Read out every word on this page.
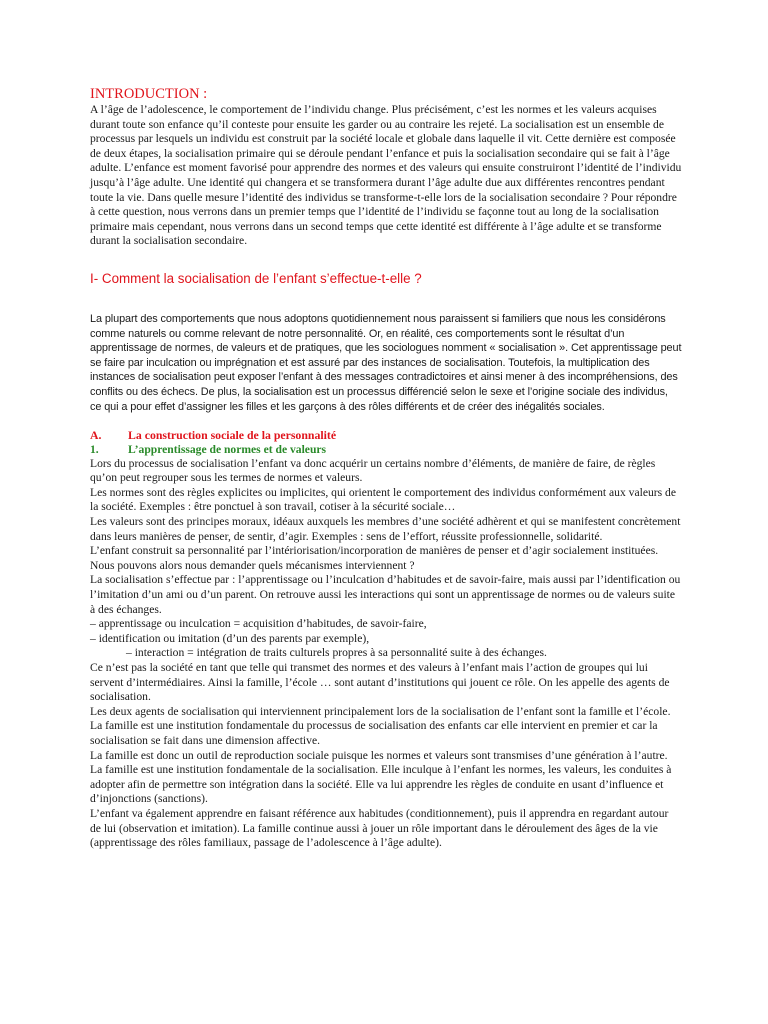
INTRODUCTION :

A l’âge de l’adolescence, le comportement de l’individu change. Plus précisément, c’est les normes et les valeurs acquises durant toute son enfance qu’il conteste pour ensuite les garder ou au contraire les rejeté. La socialisation est un ensemble de processus par lesquels un individu est construit par la société locale et globale dans laquelle il vit. Cette dernière est composée de deux étapes, la socialisation primaire qui se déroule pendant l’enfance et puis la socialisation secondaire qui se fait à l’âge adulte. L’enfance est moment favorisé pour apprendre des normes et des valeurs qui ensuite construiront l’identité de l’individu jusqu’à l’âge adulte. Une identité qui changera et se transformera durant l’âge adulte due aux différentes rencontres pendant toute la vie. Dans quelle mesure l’identité des individus se transforme-t-elle lors de la socialisation secondaire ? Pour répondre à cette question, nous verrons dans un premier temps que l’identité de l’individu se façonne tout au long de la socialisation primaire mais cependant, nous verrons dans un second temps que cette identité est différente à l’âge adulte et se transforme durant la socialisation secondaire.

I- Comment la socialisation de l’enfant s’effectue-t-elle ?

La plupart des comportements que nous adoptons quotidiennement nous paraissent si familiers que nous les considérons comme naturels ou comme relevant de notre personnalité. Or, en réalité, ces comportements sont le résultat d’un apprentissage de normes, de valeurs et de pratiques, que les sociologues nomment « socialisation ». Cet apprentissage peut se faire par inculcation ou imprégnation et est assuré par des instances de socialisation. Toutefois, la multiplication des instances de socialisation peut exposer l’enfant à des messages contradictoires et ainsi mener à des incompréhensions, des conflits ou des échecs. De plus, la socialisation est un processus différencié selon le sexe et l’origine sociale des individus, ce qui a pour effet d’assigner les filles et les garçons à des rôles différents et de créer des inégalités sociales.

A.	La construction sociale de la personnalité
1.	L’apprentissage de normes et de valeurs

Lors du processus de socialisation l’enfant va donc acquérir un certains nombre d’éléments, de manière de faire, de règles qu’on peut regrouper sous les termes de normes et valeurs.

Les normes sont des règles explicites ou implicites, qui orientent le comportement des individus conformément aux valeurs de la société. Exemples : être ponctuel à son travail, cotiser à la sécurité sociale…

Les valeurs sont des principes moraux, idéaux auxquels les membres d’une société adhèrent et qui se manifestent concrètement dans leurs manières de penser, de sentir, d’agir. Exemples : sens de l’effort, réussite professionnelle, solidarité.

L’enfant construit sa personnalité par l’intériorisation/incorporation de manières de penser et d’agir socialement instituées. Nous pouvons alors nous demander quels mécanismes interviennent ?

La socialisation s’effectue par : l’apprentissage ou l’inculcation d’habitudes et de savoir-faire, mais aussi par l’identification ou l’imitation d’un ami ou d’un parent. On retrouve aussi les interactions qui sont un apprentissage de normes ou de valeurs suite à des échanges.

– apprentissage ou inculcation = acquisition d’habitudes, de savoir-faire,

– identification ou imitation (d’un des parents par exemple),

– interaction = intégration de traits culturels propres à sa personnalité suite à des échanges.

Ce n’est pas la société en tant que telle qui transmet des normes et des valeurs à l’enfant mais l’action de groupes qui lui servent d’intermédiaires. Ainsi la famille, l’école … sont autant d’institutions qui jouent ce rôle. On les appelle des agents de socialisation.

Les deux agents de socialisation qui interviennent principalement lors de la socialisation de l’enfant sont la famille et l’école.

La famille est une institution fondamentale du processus de socialisation des enfants car elle intervient en premier et car la socialisation se fait dans une dimension affective.

La famille est donc un outil de reproduction sociale puisque les normes et valeurs sont transmises d’une génération à l’autre.

La famille est une institution fondamentale de la socialisation. Elle inculque à l’enfant les normes, les valeurs, les conduites à adopter afin de permettre son intégration dans la société. Elle va lui apprendre les règles de conduite en usant d’influence et d’injonctions (sanctions).

L’enfant va également apprendre en faisant référence aux habitudes (conditionnement), puis il apprendra en regardant autour de lui (observation et imitation). La famille continue aussi à jouer un rôle important dans le déroulement des âges de la vie (apprentissage des rôles familiaux, passage de l’adolescence à l’âge adulte).
